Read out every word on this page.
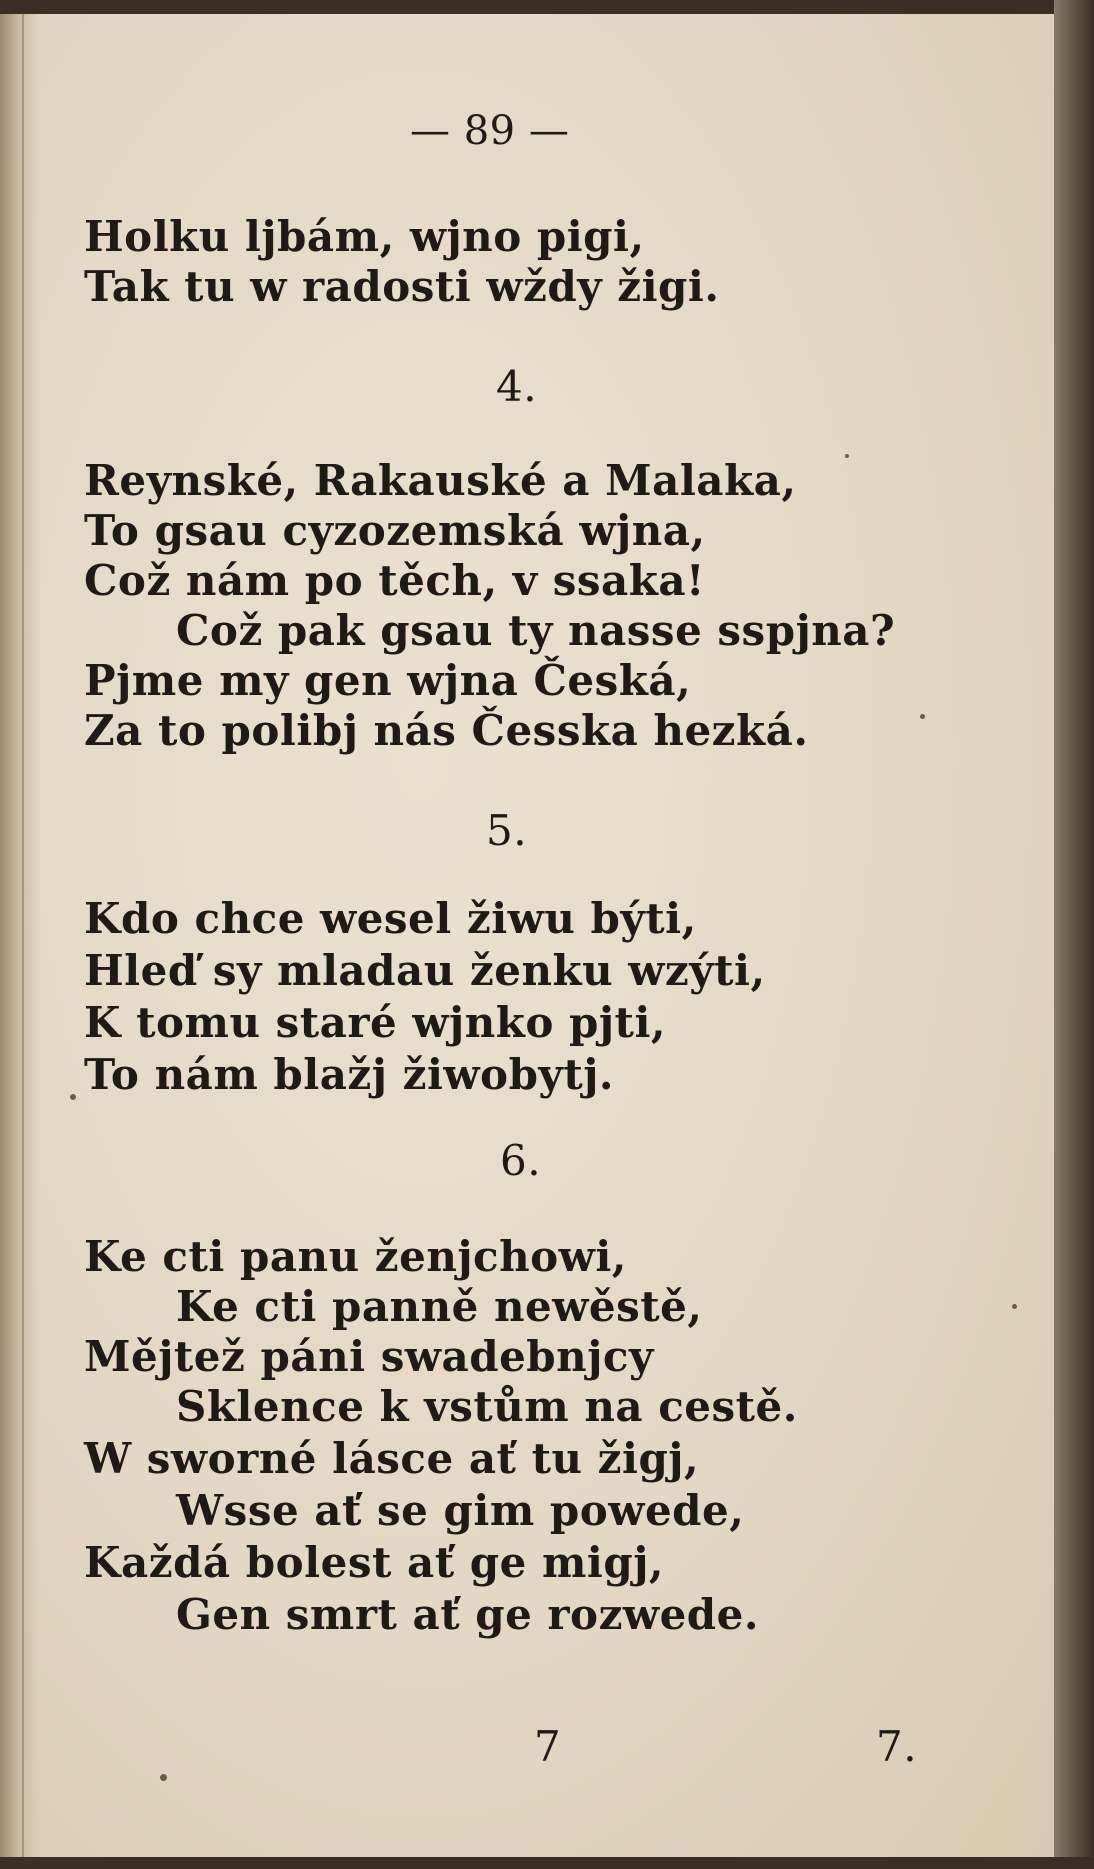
— 89 —
Holku ljbám, wjno pigi,
Tak tu w radosti wždy žigi.
4.
Reynské, Rakauské a Malaka,
To gsau cyzozemská wjna,
Což nám po těch, v ssaka!
Což pak gsau ty nasse sspjna?
Pjme my gen wjna Česká,
Za to polibj nás Česska hezká.
5.
Kdo chce wesel žiwu býti,
Hleď sy mladau ženku wzýti,
K tomu staré wjnko pjti,
To nám blažj žiwobytj.
6.
Ke cti panu ženjchowi,
Ke cti panně newěstě,
Mějtež páni swadebnjcy
Sklence k vstům na cestě.
W sworné lásce ať tu žigj,
Wsse ať se gim powede,
Každá bolest ať ge migj,
Gen smrt ať ge rozwede.
7	7.
